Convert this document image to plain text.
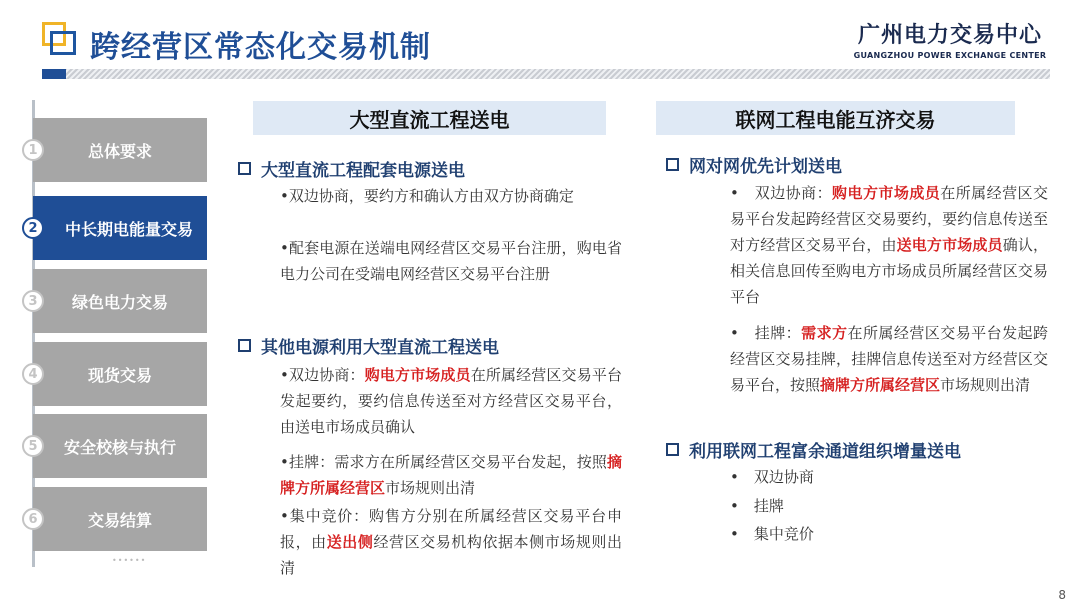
跨经营区常态化交易机制	广州电力交易中心
GUANGZHOU POWER EXCHANGE CENTER
总体要求
1
中长期电能量交易
2
绿色电力交易
3
现货交易
4
安全校核与执行
5
交易结算
6
••••••
大型直流工程送电
大型直流工程配套电源送电
•双边协商，要约方和确认方由双方协商确定
•配套电源在送端电网经营区交易平台注册，购电省电力公司在受端电网经营区交易平台注册
其他电源利用大型直流工程送电
•双边协商：购电方市场成员在所属经营区交易平台发起要约，要约信息传送至对方经营区交易平台，由送电市场成员确认
•挂牌：需求方在所属经营区交易平台发起，按照摘牌方所属经营区市场规则出清
•集中竞价：购售方分别在所属经营区交易平台申报，由送出侧经营区交易机构依据本侧市场规则出清
联网工程电能互济交易
网对网优先计划送电
•　双边协商：购电方市场成员在所属经营区交易平台发起跨经营区交易要约，要约信息传送至对方经营区交易平台，由送电方市场成员确认，相关信息回传至购电方市场成员所属经营区交易平台
•　挂牌：需求方在所属经营区交易平台发起跨经营区交易挂牌，挂牌信息传送至对方经营区交易平台，按照摘牌方所属经营区市场规则出清
利用联网工程富余通道组织增量送电
•　双边协商
•　挂牌
•　集中竞价
8
